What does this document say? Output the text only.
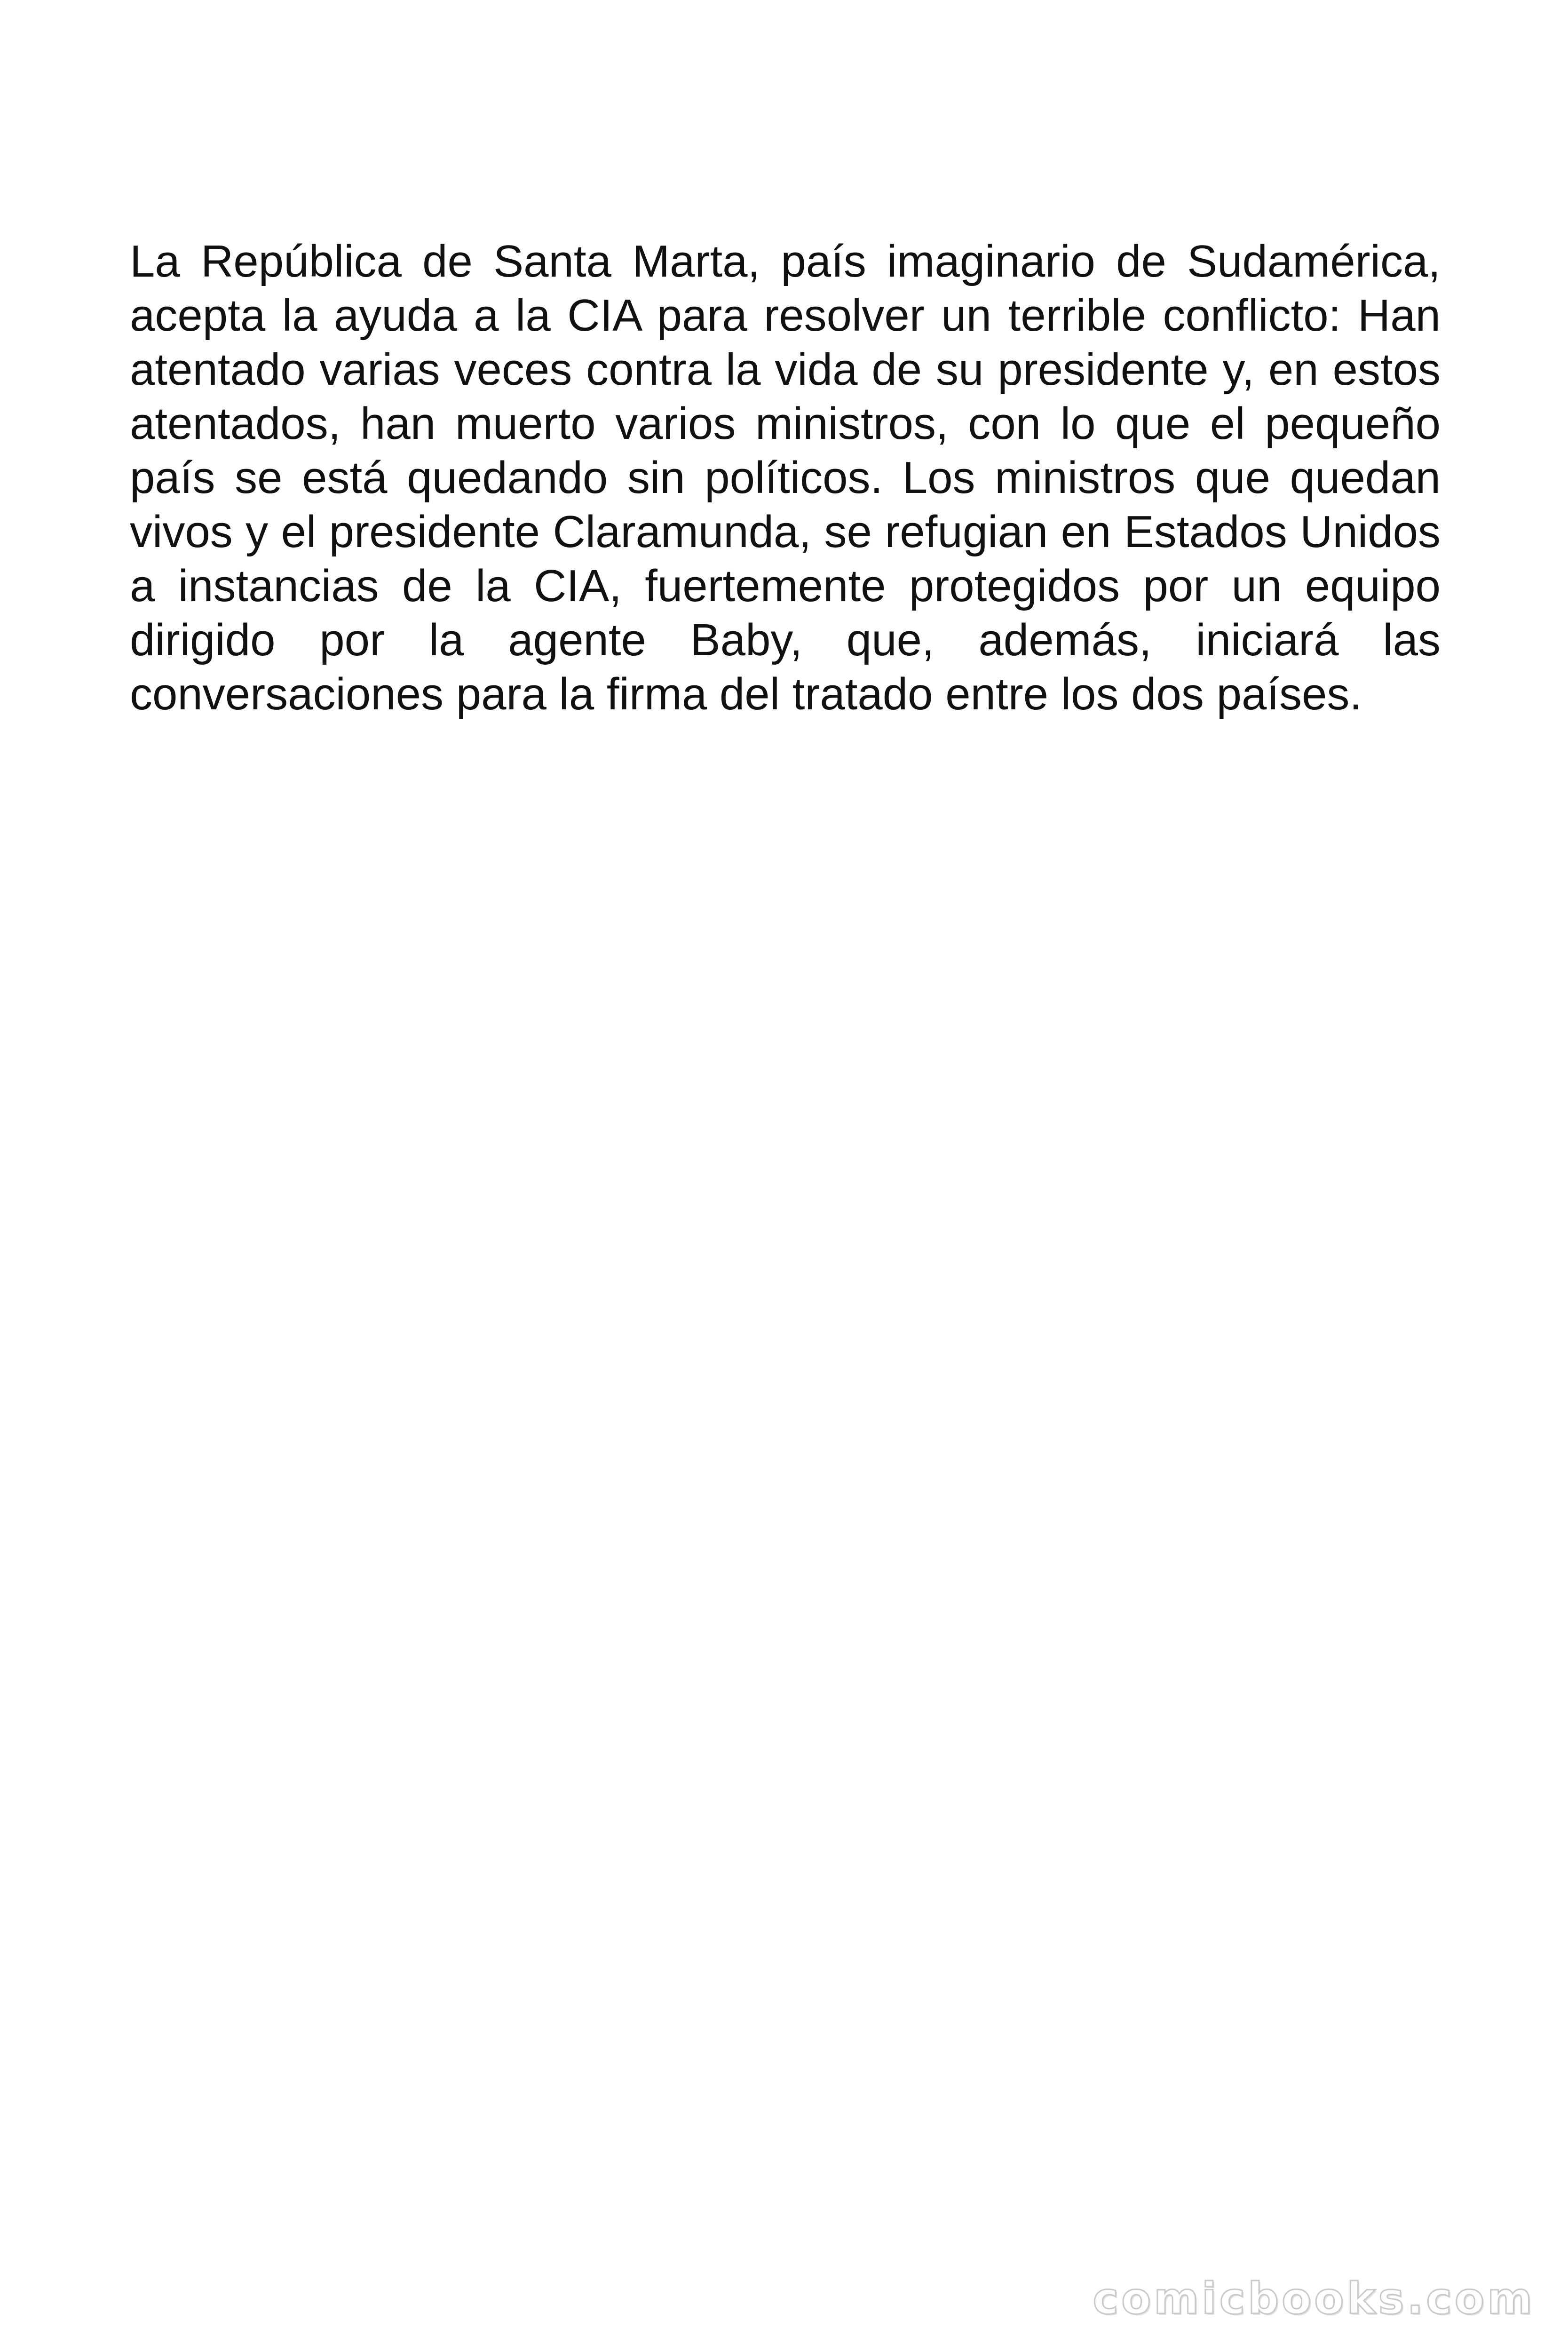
La República de Santa Marta, país imaginario de Sudamérica, acepta la ayuda a la CIA para resolver un terrible conflicto: Han atentado varias veces contra la vida de su presidente y, en estos atentados, han muerto varios ministros, con lo que el pequeño país se está quedando sin políticos. Los ministros que quedan vivos y el presidente Claramunda, se refugian en Estados Unidos a instancias de la CIA, fuertemente protegidos por un equipo dirigido por la agente Baby, que, además, iniciará las conversaciones para la firma del tratado entre los dos países.

comicbooks.com
